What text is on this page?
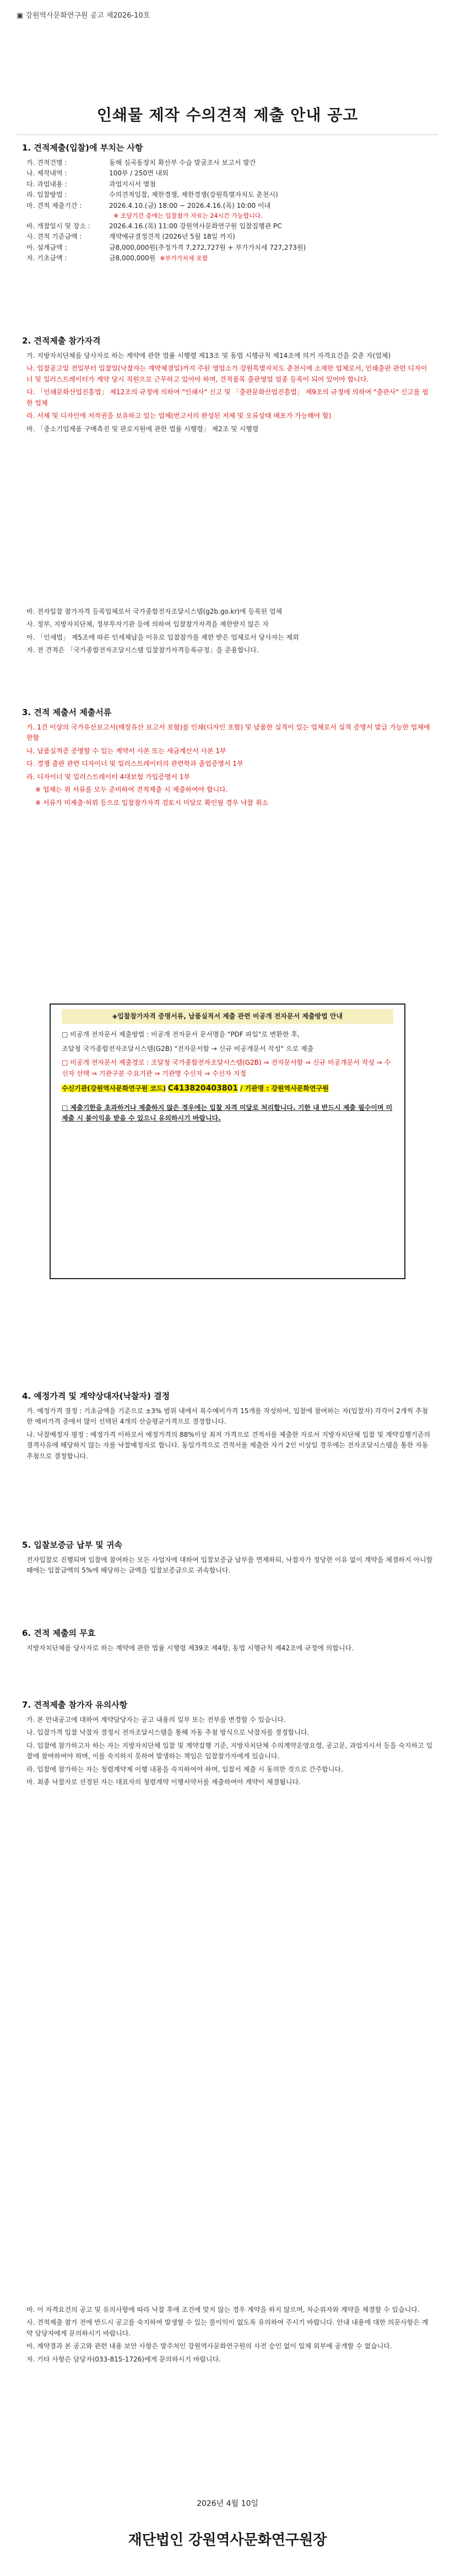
▣ 강원역사문화연구원 공고 제2026-10호
인쇄물 제작 수의견적 제출 안내 공고
1. 견적제출(입찰)에 부치는 사항
가. 견적건명 :	동해 심곡동장치 확산부 수습 발굴조사 보고서 발간
나. 제작내역 :	100부 / 250면 내외
다. 과업내용 :	과업지시서 별첨
라. 입찰방법 :	수의견적입찰, 제한경쟁, 제한경쟁(강원특별자치도 춘천시)
마. 견적 제출기간 :	2026.4.10.(금) 18:00 ~ 2026.4.16.(목) 10:00 이내
※ 조달기간 중에는 입찰참가 자료는 24시간 가능합니다.
바. 개찰일시 및 장소 :	2026.4.16.(목) 11:00 강원역사문화연구원 입찰집행관 PC
사. 견적 기준금액 :	계약예규결정견적 (2026년 5월 18일 까지)
아. 설계금액 :	금8,000,000원(추정가격 7,272,727원 + 부가가치세 727,273원)
자. 기초금액 :	금8,000,000원 ※부가가치세 포함
2. 견적제출 참가자격

가. 지방자치단체를 당사자로 하는 계약에 관한 법률 시행령 제13조 및 동법 시행규칙 제14조에 의거 자격요건을 갖춘 자(업체)

나. 입찰공고일 전일부터 입찰일(낙찰자는 계약체결일)까지 주된 영업소가 강원특별자치도 춘천시에 소재한 업체로서, 인쇄출판 관련 디자이너 및 일러스트레이터가 계약 당시 직원으로 근무하고 있어야 하며, 견적품목 출판영업 업종 등록이 되어 있어야 합니다.

다. 「인쇄문화산업진흥법」 제12조의 규정에 의하여 "인쇄사" 신고 및 「출판문화산업진흥법」 제9조의 규정에 의하여 "출판사" 신고를 필한 업체

라. 서체 및 디자인에 저작권을 보유하고 있는 업체(번고서의 완성된 저체 및 오류상태 배포가 가능해야 함)

마. 「중소기업제품 구매촉진 및 판로지원에 관한 법률 시행령」 제2조 및 시행령

바. 전자입찰 참가자격 등록업체로서 국가종합전자조달시스템(g2b.go.kr)에 등록된 업체

사. 정부, 지방자치단체, 정부투자기관 등에 의하여 입찰참가자격을 제한받지 않은 자

아. 「인세법」 제5조에 따른 인세체납을 이유로 입찰참가를 제한 받은 업체로서 당사자는 제외

자. 전 견적은 「국가종합전자조달시스템 입찰참가자격등록규정」을 준용합니다.

3. 견적 제출서 제출서류

가. 1건 이상의 국가유산보고서(매장유산 보고서 포함)를 인쇄(디자인 포함) 및 납품한 실적이 있는 업체로서 실적 증명서 발급 가능한 업체에 한함

나. 납품실적증 증명할 수 있는 계약서 사본 또는 세금계산서 사본 1부

다. 경쟁 출판 관련 디자이너 및 일러스트레이터의 관련학과 졸업증명서 1부

라. 디자이너 및 일러스트레이터 4대보험 가입증명서 1부

※ 업체는 위 서류를 모두 준비하여 견적제출 시 제출하여야 합니다.

※ 서류가 미제출·허위 등으로 입찰참가자격 검토시 미달로 확인될 경우 낙찰 취소

◈입찰참가자격 증명서류, 납품실적서 제출 관련 비공개 전자문서 제출방법 안내

□ 비공개 전자문서 제출방법 : 비공개 전자문서 문서명을 "PDF 파일"로 변환한 후,

조달청 국가종합전자조달시스템(G2B) "전자문서함 → 신규 비공개문서 작성" 으로 제출

□ 비공개 전자문서 제출경로 : 조달청 국가종합전자조달시스템(G2B) ⇒ 전자문서함 ⇒ 신규 비공개문서 작성 ⇒ 수신자 선택 ⇒ 기관구분 수요기관 ⇒ 기관명 수신자 ⇒ 수신자 지정

수신기관(강원역사문화연구원 코드) C413820403801 / 기관명 : 강원역사문화연구원

□ 제출기한을 초과하거나 제출하지 않은 경우에는 입찰 자격 미달로 처리합니다. 기한 내 반드시 제출 필수이며 미제출 시 불이익을 받을 수 있으니 유의하시기 바랍니다.

4. 예정가격 및 계약상대자(낙찰자) 결정

가. 예정가격 결정 : 기초금액을 기준으로 ±3% 범위 내에서 복수예비가격 15개를 작성하여, 입찰에 참여하는 자(입찰자) 각각이 2개씩 추첨한 예비가격 중에서 많이 선택된 4개의 산술평균가격으로 결정합니다.

나. 낙찰예정자 평정 : 예정가격 이하로서 예정가격의 88%이상 최저 가격으로 견적서를 제출한 자로서 지방자치단체 입찰 및 계약집행기준의 결격사유에 해당하지 않는 자를 낙찰예정자로 합니다. 동일가격으로 견적서를 제출한 자가 2인 이상일 경우에는 전자조달시스템을 통한 자동 추첨으로 결정합니다.

5. 입찰보증금 납부 및 귀속

전자입찰로 진행되며 입찰에 참여하는 모든 사업자에 대하여 입찰보증금 납부를 면제하되, 낙찰자가 정당한 이유 없이 계약을 체결하지 아니할 때에는 입찰금액의 5%에 해당하는 금액을 입찰보증금으로 귀속합니다.

6. 견적 제출의 무효

지방자치단체를 당사자로 하는 계약에 관한 법률 시행령 제39조 제4항, 동법 시행규칙 제42조에 규정에 의합니다.

7. 견적제출 참가자 유의사항

가. 본 안내공고에 대하여 계약담당자는 공고 내용의 일부 또는 전부를 변경할 수 있습니다.

나. 입찰가격 입찰 낙찰자 결정시 전자조달시스템을 통해 자동 추첨 방식으로 낙찰자를 결정합니다.

다. 입찰에 참가하고자 하는 자는 지방자치단체 입찰 및 계약집행 기준, 지방자치단체 수의계약운영요령, 공고문, 과업지시서 등을 숙지하고 입찰에 참여하여야 하며, 이를 숙지하지 못하여 발생하는 책임은 입찰참가자에게 있습니다.

라. 입찰에 참가하는 자는 청렴계약제 이행 내용을 숙지하여야 하며, 입찰서 제출 시 동의한 것으로 간주합니다.

마. 최종 낙찰자로 선정된 자는 대표자의 청렴계약 이행서약서를 제출하여야 계약이 체결됩니다.

바. 이 자격요건의 공고 및 유의사항에 따라 낙찰 후에 조건에 맞지 않는 경우 계약을 하지 않으며, 차순위자와 계약을 체결할 수 있습니다.

사. 견적제출 참가 전에 반드시 공고를 숙지하여 발생할 수 있는 불이익이 없도록 유의하여 주시기 바랍니다. 안내 내용에 대한 의문사항은 계약 담당자에게 문의하시기 바랍니다.

아. 계약결과 본 공고와 관련 내용 보안 사항은 발주처인 강원역사문화연구원의 사전 승인 없이 일체 외부에 공개할 수 없습니다.

자. 기타 사항은 담당자(033-815-1726)에게 문의하시기 바랍니다.

2026년 4월 10일
재단법인 강원역사문화연구원장
